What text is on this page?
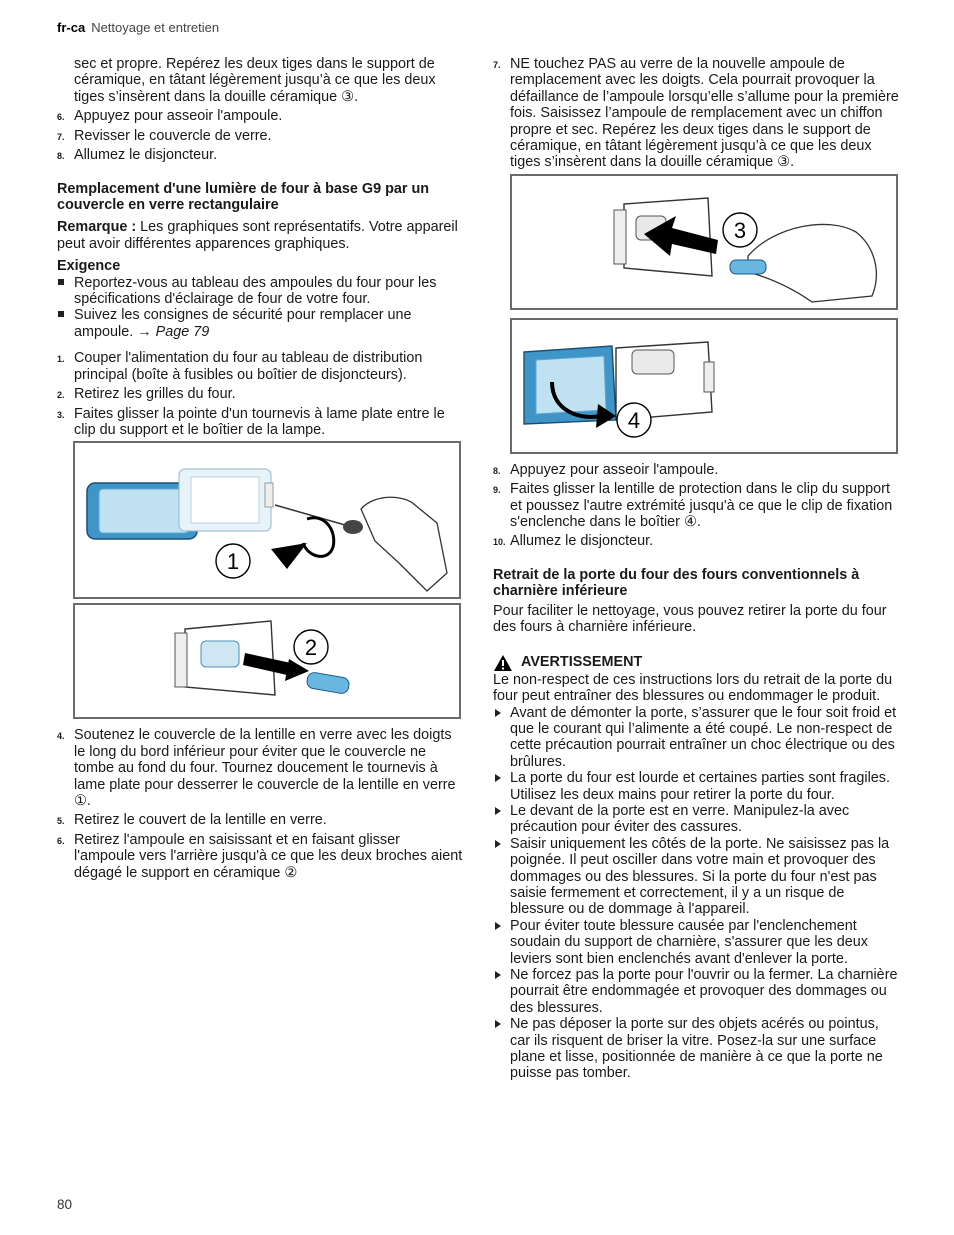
fr-ca Nettoyage et entretien

sec et propre. Repérez les deux tiges dans le support de céramique, en tâtant légèrement jusqu’à ce que les deux tiges s’insèrent dans la douille céramique ③.

6. Appuyez pour asseoir l'ampoule.
7. Revisser le couvercle de verre.
8. Allumez le disjoncteur.
Remplacement d'une lumière de four à base G9 par un couvercle en verre rectangulaire

Remarque : Les graphiques sont représentatifs. Votre appareil peut avoir différentes apparences graphiques.

Exigence

Reportez-vous au tableau des ampoules du four pour les spécifications d'éclairage de four de votre four.
Suivez les consignes de sécurité pour remplacer une ampoule. → Page 79
1. Couper l'alimentation du four au tableau de distribution principal (boîte à fusibles ou boîtier de disjoncteurs).
2. Retirez les grilles du four.
3. Faites glisser la pointe d'un tournevis à lame plate entre le clip du support et le boîtier de la lampe.
1
2
4. Soutenez le couvercle de la lentille en verre avec les doigts le long du bord inférieur pour éviter que le couvercle ne tombe au fond du four. Tournez doucement le tournevis à lame plate pour desserrer le couvercle de la lentille en verre ①.
5. Retirez le couvert de la lentille en verre.
6. Retirez l'ampoule en saisissant et en faisant glisser l'ampoule vers l'arrière jusqu'à ce que les deux broches aient dégagé le support en céramique ②
7. NE touchez PAS au verre de la nouvelle ampoule de remplacement avec les doigts. Cela pourrait provoquer la défaillance de l’ampoule lorsqu’elle s’allume pour la première fois. Saisissez l’ampoule de remplacement avec un chiffon propre et sec. Repérez les deux tiges dans le support de céramique, en tâtant légèrement jusqu’à ce que les deux tiges s’insèrent dans la douille céramique ③.
3
4
8. Appuyez pour asseoir l'ampoule.
9. Faites glisser la lentille de protection dans le clip du support et poussez l'autre extrémité jusqu'à ce que le clip de fixation s'enclenche dans le boîtier ④.
10. Allumez le disjoncteur.
Retrait de la porte du four des fours conventionnels à charnière inférieure

Pour faciliter le nettoyage, vous pouvez retirer la porte du four des fours à charnière inférieure.

AVERTISSEMENT

Le non-respect de ces instructions lors du retrait de la porte du four peut entraîner des blessures ou endommager le produit.

Avant de démonter la porte, s’assurer que le four soit froid et que le courant qui l’alimente a été coupé. Le non-respect de cette précaution pourrait entraîner un choc électrique ou des brûlures.
La porte du four est lourde et certaines parties sont fragiles. Utilisez les deux mains pour retirer la porte du four.
Le devant de la porte est en verre. Manipulez-la avec précaution pour éviter des cassures.
Saisir uniquement les côtés de la porte. Ne saisissez pas la poignée. Il peut osciller dans votre main et provoquer des dommages ou des blessures. Si la porte du four n'est pas saisie fermement et correctement, il y a un risque de blessure ou de dommage à l'appareil.
Pour éviter toute blessure causée par l'enclenchement soudain du support de charnière, s'assurer que les deux leviers sont bien enclenchés avant d'enlever la porte.
Ne forcez pas la porte pour l'ouvrir ou la fermer. La charnière pourrait être endommagée et provoquer des dommages ou des blessures.
Ne pas déposer la porte sur des objets acérés ou pointus, car ils risquent de briser la vitre. Posez-la sur une surface plane et lisse, positionnée de manière à ce que la porte ne puisse pas tomber.
80
